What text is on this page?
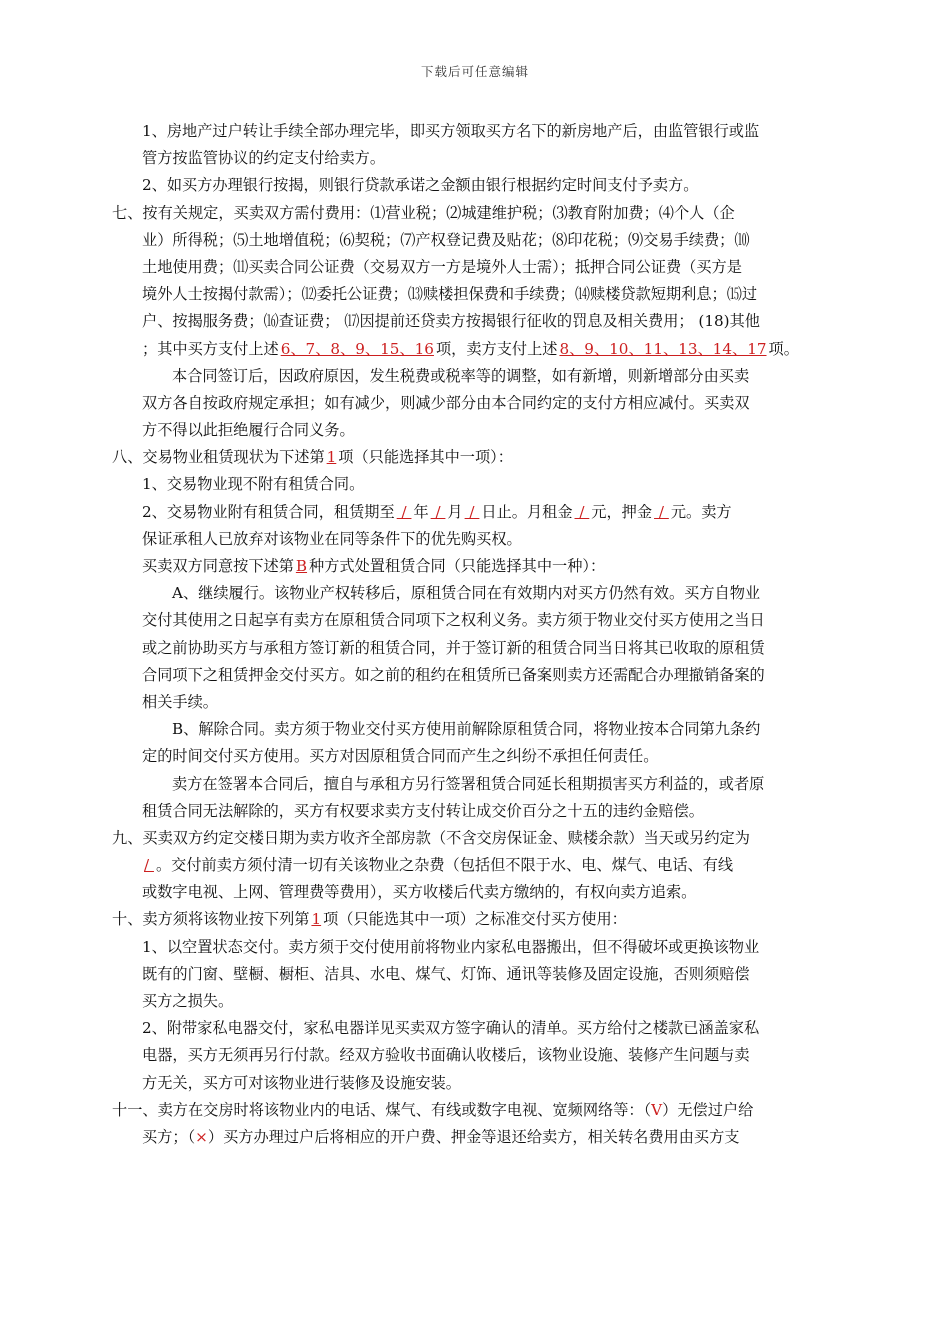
下载后可任意编辑
1、房地产过户转让手续全部办理完毕，即买方领取买方名下的新房地产后，由监管银行或监
管方按监管协议的约定支付给卖方。
2、如买方办理银行按揭，则银行贷款承诺之金额由银行根据约定时间支付予卖方。
七、按有关规定，买卖双方需付费用：⑴营业税；⑵城建维护税；⑶教育附加费；⑷个人（企
业）所得税；⑸土地增值税；⑹契税；⑺产权登记费及贴花；⑻印花税；⑼交易手续费；⑽
土地使用费；⑾买卖合同公证费（交易双方一方是境外人士需）；抵押合同公证费（买方是
境外人士按揭付款需）；⑿委托公证费；⒀赎楼担保费和手续费；⒁赎楼贷款短期利息；⒂过
户、按揭服务费；⒃查证费； ⒄因提前还贷卖方按揭银行征收的罚息及相关费用； (18)其他
；其中买方支付上述 6、7、8、9、15、16 项，卖方支付上述 8、9、10、11、13、14、17 项。
本合同签订后，因政府原因，发生税费或税率等的调整，如有新增，则新增部分由买卖
双方各自按政府规定承担；如有减少，则减少部分由本合同约定的支付方相应减付。买卖双
方不得以此拒绝履行合同义务。
八、交易物业租赁现状为下述第 1 项（只能选择其中一项）：
1、交易物业现不附有租赁合同。
2、交易物业附有租赁合同，租赁期至 / 年 / 月 / 日止。月租金 / 元，押金 / 元。卖方
保证承租人已放弃对该物业在同等条件下的优先购买权。
买卖双方同意按下述第 B 种方式处置租赁合同（只能选择其中一种）：
A、继续履行。该物业产权转移后，原租赁合同在有效期内对买方仍然有效。买方自物业
交付其使用之日起享有卖方在原租赁合同项下之权利义务。卖方须于物业交付买方使用之当日
或之前协助买方与承租方签订新的租赁合同，并于签订新的租赁合同当日将其已收取的原租赁
合同项下之租赁押金交付买方。如之前的租约在租赁所已备案则卖方还需配合办理撤销备案的
相关手续。
B、解除合同。卖方须于物业交付买方使用前解除原租赁合同，将物业按本合同第九条约
定的时间交付买方使用。买方对因原租赁合同而产生之纠纷不承担任何责任。
卖方在签署本合同后，擅自与承租方另行签署租赁合同延长租期损害买方利益的，或者原
租赁合同无法解除的，买方有权要求卖方支付转让成交价百分之十五的违约金赔偿。
九、买卖双方约定交楼日期为卖方收齐全部房款（不含交房保证金、赎楼余款）当天或另约定为
/ 。交付前卖方须付清一切有关该物业之杂费（包括但不限于水、电、煤气、电话、有线
或数字电视、上网、管理费等费用），买方收楼后代卖方缴纳的，有权向卖方追索。
十、卖方须将该物业按下列第 1 项（只能选其中一项）之标准交付买方使用：
1、以空置状态交付。卖方须于交付使用前将物业内家私电器搬出，但不得破坏或更换该物业
既有的门窗、壁橱、橱柜、洁具、水电、煤气、灯饰、通讯等装修及固定设施，否则须赔偿
买方之损失。
2、附带家私电器交付，家私电器详见买卖双方签字确认的清单。买方给付之楼款已涵盖家私
电器，买方无须再另行付款。经双方验收书面确认收楼后，该物业设施、装修产生问题与卖
方无关，买方可对该物业进行装修及设施安装。
十一、卖方在交房时将该物业内的电话、煤气、有线或数字电视、宽频网络等：（V）无偿过户给
买方；（×）买方办理过户后将相应的开户费、押金等退还给卖方，相关转名费用由买方支
